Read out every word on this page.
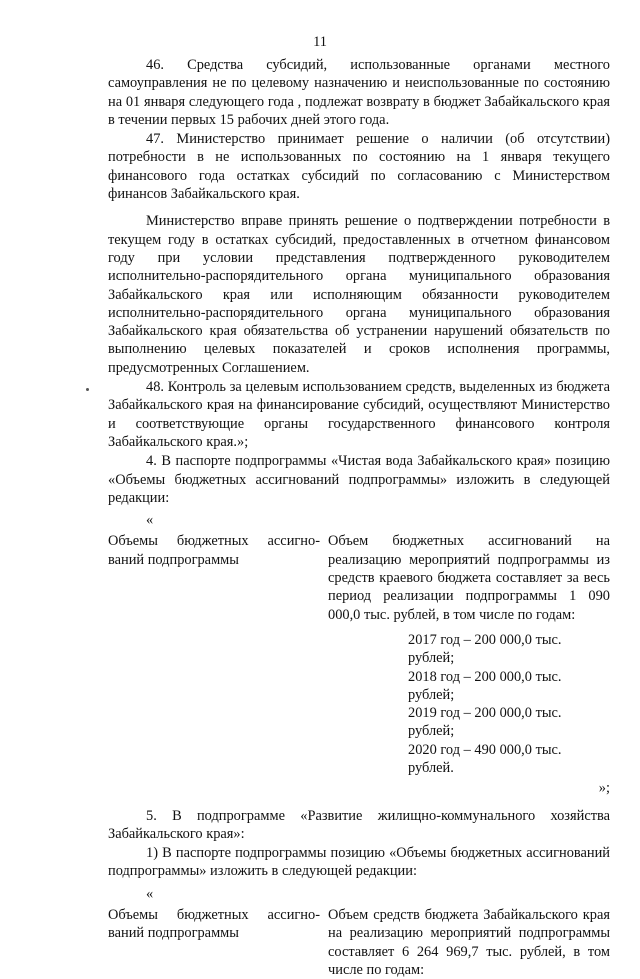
11

46. Средства субсидий, использованные органами местного самоуправления не по целевому назначению и неиспользованные по состоянию на 01 января следующего года , подлежат возврату в бюджет Забайкальского края в течении первых 15 рабочих дней этого года.

47. Министерство принимает решение о наличии (об отсутствии) потребности в не использованных по состоянию на 1 января текущего финансового года остатках субсидий по согласованию с Министерством финансов Забайкальского края.

Министерство вправе принять решение о подтверждении потребности в текущем году в остатках субсидий, предоставленных в отчетном финансовом году при условии представления подтвержденного руководителем исполнительно-распорядительного органа муниципального образования Забайкальского края или исполняющим обязанности руководителем исполнительно-распорядительного органа муниципального образования Забайкальского края обязательства об устранении нарушений обязательств по выполнению целевых показателей и сроков исполнения программы, предусмотренных Соглашением.

48. Контроль за целевым использованием средств, выделенных из бюджета Забайкальского края на финансирование субсидий, осуществляют Министерство и соответствующие органы государственного финансового контроля Забайкальского края.»;

4. В паспорте подпрограммы «Чистая вода Забайкальского края» позицию «Объемы бюджетных ассигнований подпрограммы» изложить в следующей редакции:

«

Объемы бюджетных ассигно-ваний подпрограммы
Объем бюджетных ассигнований на реализацию мероприятий подпрограммы из средств краевого бюджета составляет за весь период реализации подпрограммы 1 090 000,0 тыс. рублей, в том числе по годам:
2017 год – 200 000,0 тыс. рублей;
2018 год – 200 000,0 тыс. рублей;
2019 год – 200 000,0 тыс. рублей;
2020 год – 490 000,0 тыс. рублей.
»;

5. В подпрограмме «Развитие жилищно-коммунального хозяйства Забайкальского края»:

1) В паспорте подпрограммы позицию «Объемы бюджетных ассигнований подпрограммы» изложить в следующей редакции:

«

Объемы бюджетных ассигно-ваний подпрограммы
Объем средств бюджета Забайкальского края на реализацию мероприятий подпрограммы составляет 6 264 969,7 тыс. рублей, в том числе по годам:
